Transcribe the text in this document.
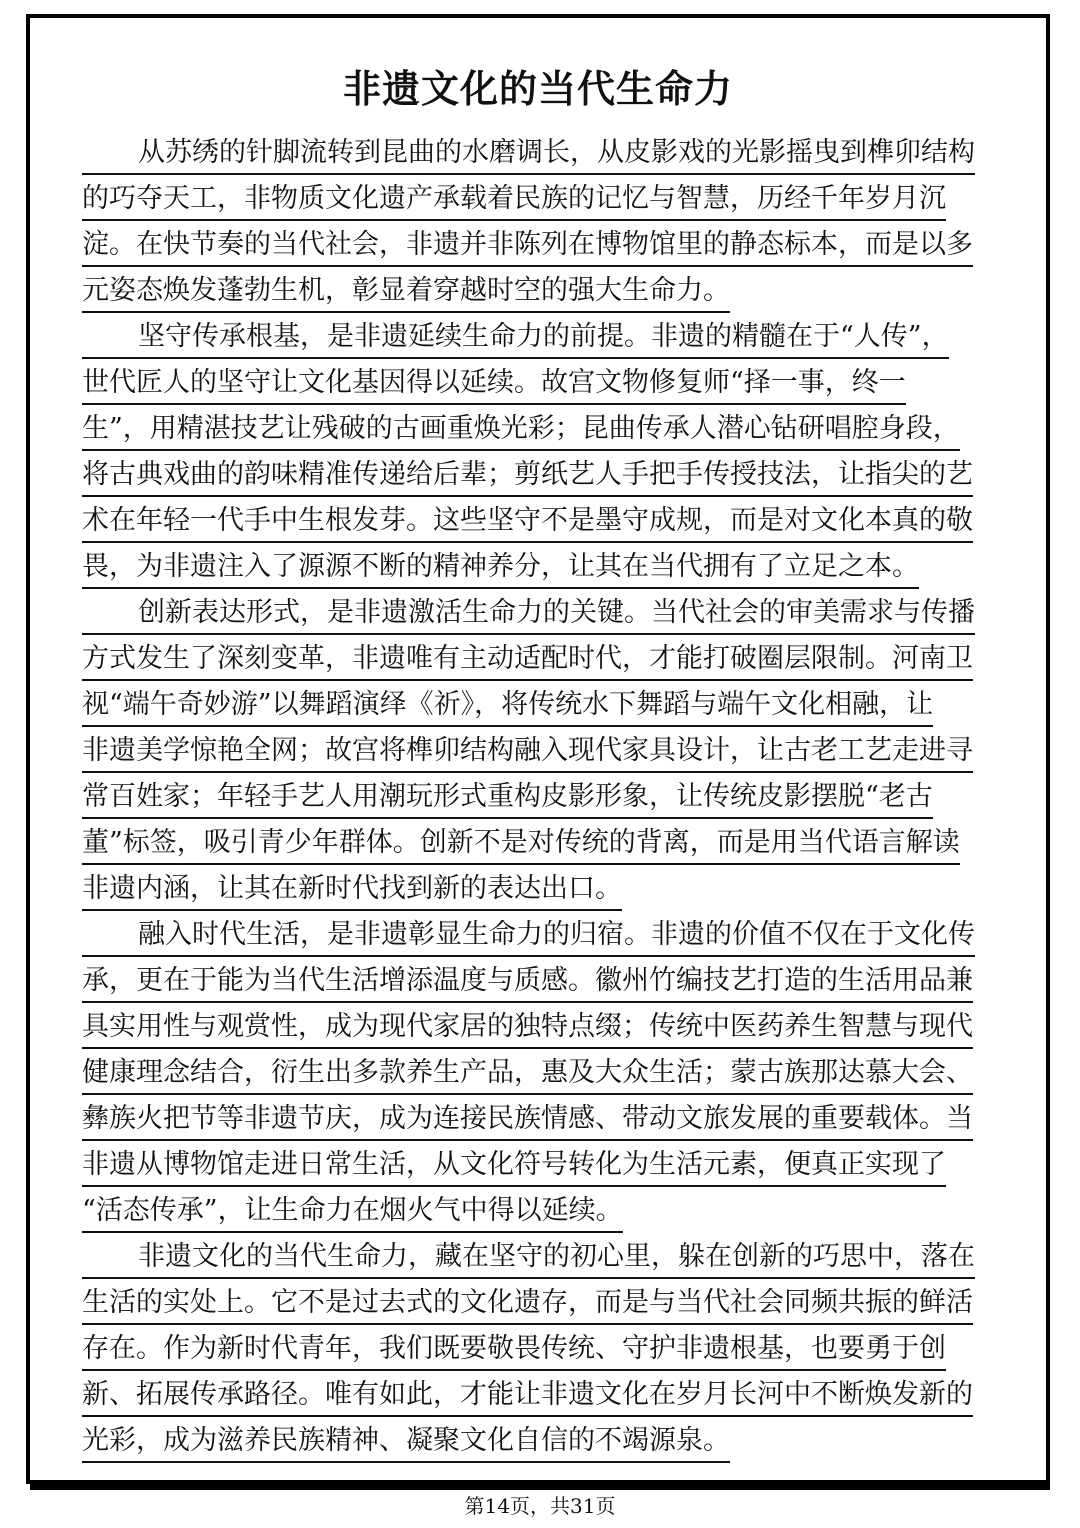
非遗文化的当代生命力
从苏绣的针脚流转到昆曲的水磨调长，从皮影戏的光影摇曳到榫卯结构
的巧夺天工，非物质文化遗产承载着民族的记忆与智慧，历经千年岁月沉
淀。在快节奏的当代社会，非遗并非陈列在博物馆里的静态标本，而是以多
元姿态焕发蓬勃生机，彰显着穿越时空的强大生命力。
坚守传承根基，是非遗延续生命力的前提。非遗的精髓在于“人传”，
世代匠人的坚守让文化基因得以延续。故宫文物修复师“择一事，终一
生”，用精湛技艺让残破的古画重焕光彩；昆曲传承人潜心钻研唱腔身段，
将古典戏曲的韵味精准传递给后辈；剪纸艺人手把手传授技法，让指尖的艺
术在年轻一代手中生根发芽。这些坚守不是墨守成规，而是对文化本真的敬
畏，为非遗注入了源源不断的精神养分，让其在当代拥有了立足之本。
创新表达形式，是非遗激活生命力的关键。当代社会的审美需求与传播
方式发生了深刻变革，非遗唯有主动适配时代，才能打破圈层限制。河南卫
视“端午奇妙游”以舞蹈演绎《祈》，将传统水下舞蹈与端午文化相融，让
非遗美学惊艳全网；故宫将榫卯结构融入现代家具设计，让古老工艺走进寻
常百姓家；年轻手艺人用潮玩形式重构皮影形象，让传统皮影摆脱“老古
董”标签，吸引青少年群体。创新不是对传统的背离，而是用当代语言解读
非遗内涵，让其在新时代找到新的表达出口。
融入时代生活，是非遗彰显生命力的归宿。非遗的价值不仅在于文化传
承，更在于能为当代生活增添温度与质感。徽州竹编技艺打造的生活用品兼
具实用性与观赏性，成为现代家居的独特点缀；传统中医药养生智慧与现代
健康理念结合，衍生出多款养生产品，惠及大众生活；蒙古族那达慕大会、
彝族火把节等非遗节庆，成为连接民族情感、带动文旅发展的重要载体。当
非遗从博物馆走进日常生活，从文化符号转化为生活元素，便真正实现了
“活态传承”，让生命力在烟火气中得以延续。
非遗文化的当代生命力，藏在坚守的初心里，躲在创新的巧思中，落在
生活的实处上。它不是过去式的文化遗存，而是与当代社会同频共振的鲜活
存在。作为新时代青年，我们既要敬畏传统、守护非遗根基，也要勇于创
新、拓展传承路径。唯有如此，才能让非遗文化在岁月长河中不断焕发新的
光彩，成为滋养民族精神、凝聚文化自信的不竭源泉。
第14页，共31页
